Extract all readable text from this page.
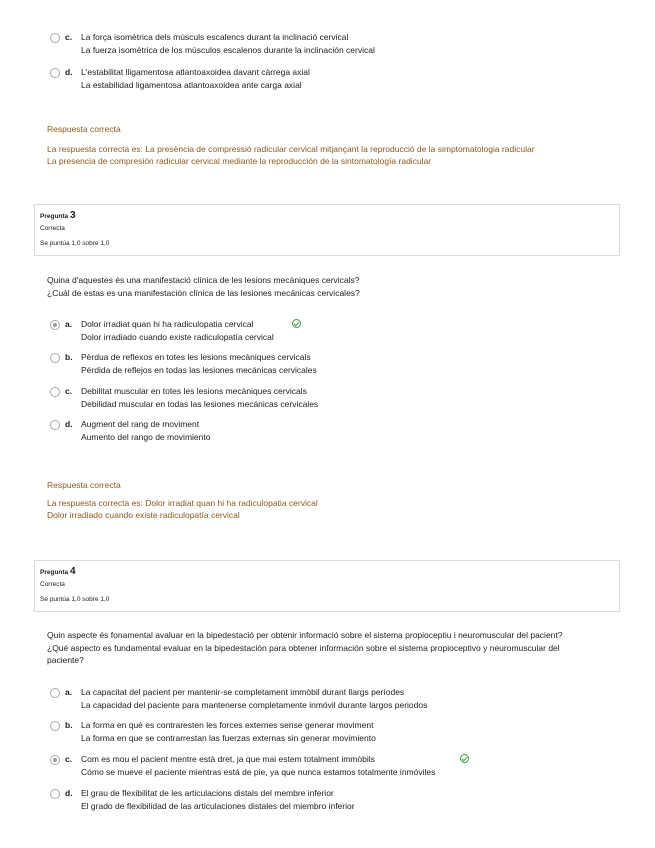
c. La força isomètrica dels músculs escalencs durant la inclinació cervical
La fuerza isométrica de los músculos escalenos durante la inclinación cervical
d. L'estabilitat lligamentosa atlantoaxoidea davant càrrega axial
La estabilidad ligamentosa atlantoaxoidea ante carga axial
Respuesta correcta
La respuesta correcta es: La presència de compressió radicular cervical mitjançant la reproducció de la simptomatologia radicular
La presencia de compresión radicular cervical mediante la reproducción de la sintomatología radicular
Pregunta 3
Correcta
Se puntúa 1,0 sobre 1,0
Quina d'aquestes és una manifestació clínica de les lesions mecàniques cervicals?
¿Cuál de estas es una manifestación clínica de las lesiones mecánicas cervicales?
a. Dolor irradiat quan hi ha radiculopatia cervical
Dolor irradiado cuando existe radiculopatía cervical
b. Pèrdua de reflexos en totes les lesions mecàniques cervicals
Pérdida de reflejos en todas las lesiones mecánicas cervicales
c. Debilitat muscular en totes les lesions mecàniques cervicals
Debilidad muscular en todas las lesiones mecánicas cervicales
d. Augment del rang de moviment
Aumento del rango de movimiento
Respuesta correcta
La respuesta correcta es: Dolor irradiat quan hi ha radiculopatia cervical
Dolor irradiado cuando existe radiculopatía cervical
Pregunta 4
Correcta
Se puntúa 1,0 sobre 1,0
Quin aspecte és fonamental avaluar en la bipedestació per obtenir informació sobre el sistema propioceptiu i neuromuscular del pacient?
¿Qué aspecto es fundamental evaluar en la bipedestación para obtener información sobre el sistema propioceptivo y neuromuscular del paciente?
a. La capacitat del pacient per mantenir-se completament immòbil durant llargs períodes
La capacidad del paciente para mantenerse completamente inmóvil durante largos periodos
b. La forma en què es contraresten les forces externes sense generar moviment
La forma en que se contrarrestan las fuerzas externas sin generar movimiento
c. Com es mou el pacient mentre està dret, ja que mai estem totalment immòbils
Cómo se mueve el paciente mientras está de pie, ya que nunca estamos totalmente inmóviles
d. El grau de flexibilitat de les articulacions distals del membre inferior
El grado de flexibilidad de las articulaciones distales del miembro inferior
